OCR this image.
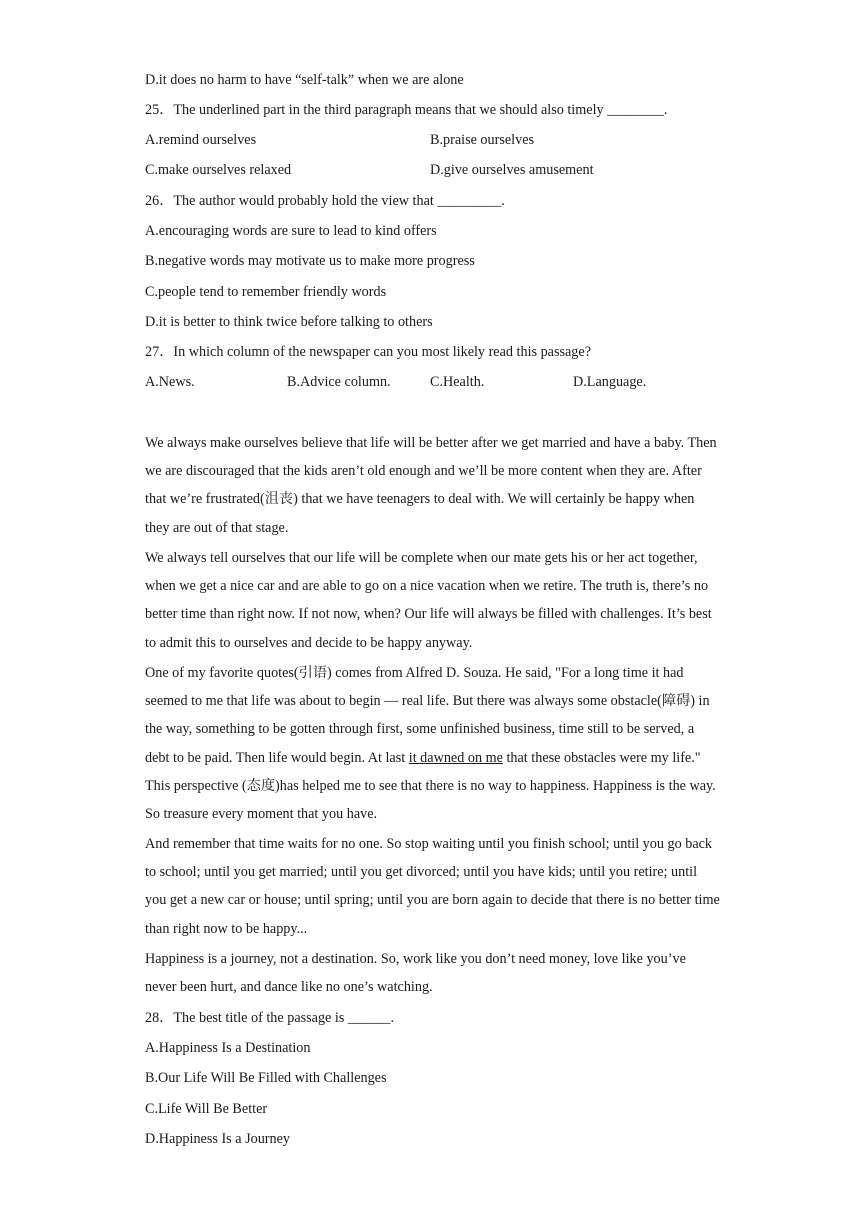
D.it does no harm to have “self-talk” when we are alone
25．The underlined part in the third paragraph means that we should also timely ________.
A.remind ourselves	B.praise ourselves
C.make ourselves relaxed	D.give ourselves amusement
26．The author would probably hold the view that _________.
A.encouraging words are sure to lead to kind offers
B.negative words may motivate us to make more progress
C.people tend to remember friendly words
D.it is better to think twice before talking to others
27．In which column of the newspaper can you most likely read this passage?
A.News.	B.Advice column.	C.Health.	D.Language.

We always make ourselves believe that life will be better after we get married and have a baby. Then we are discouraged that the kids aren’t old enough and we’ll be more content when they are. After that we’re frustrated(沮丧) that we have teenagers to deal with. We will certainly be happy when they are out of that stage.

We always tell ourselves that our life will be complete when our mate gets his or her act together, when we get a nice car and are able to go on a nice vacation when we retire. The truth is, there’s no better time than right now. If not now, when? Our life will always be filled with challenges. It’s best to admit this to ourselves and decide to be happy anyway.

One of my favorite quotes(引语) comes from Alfred D. Souza. He said, "For a long time it had seemed to me that life was about to begin — real life. But there was always some obstacle(障碍) in the way, something to be gotten through first, some unfinished business, time still to be served, a debt to be paid. Then life would begin. At last it dawned on me that these obstacles were my life." This perspective (态度)has helped me to see that there is no way to happiness. Happiness is the way. So treasure every moment that you have.

And remember that time waits for no one. So stop waiting until you finish school; until you go back to school; until you get married; until you get divorced; until you have kids; until you retire; until you get a new car or house; until spring; until you are born again to decide that there is no better time than right now to be happy...

Happiness is a journey, not a destination. So, work like you don’t need money, love like you’ve never been hurt, and dance like no one’s watching.

28．The best title of the passage is ______.
A.Happiness Is a Destination
B.Our Life Will Be Filled with Challenges
C.Life Will Be Better
D.Happiness Is a Journey
